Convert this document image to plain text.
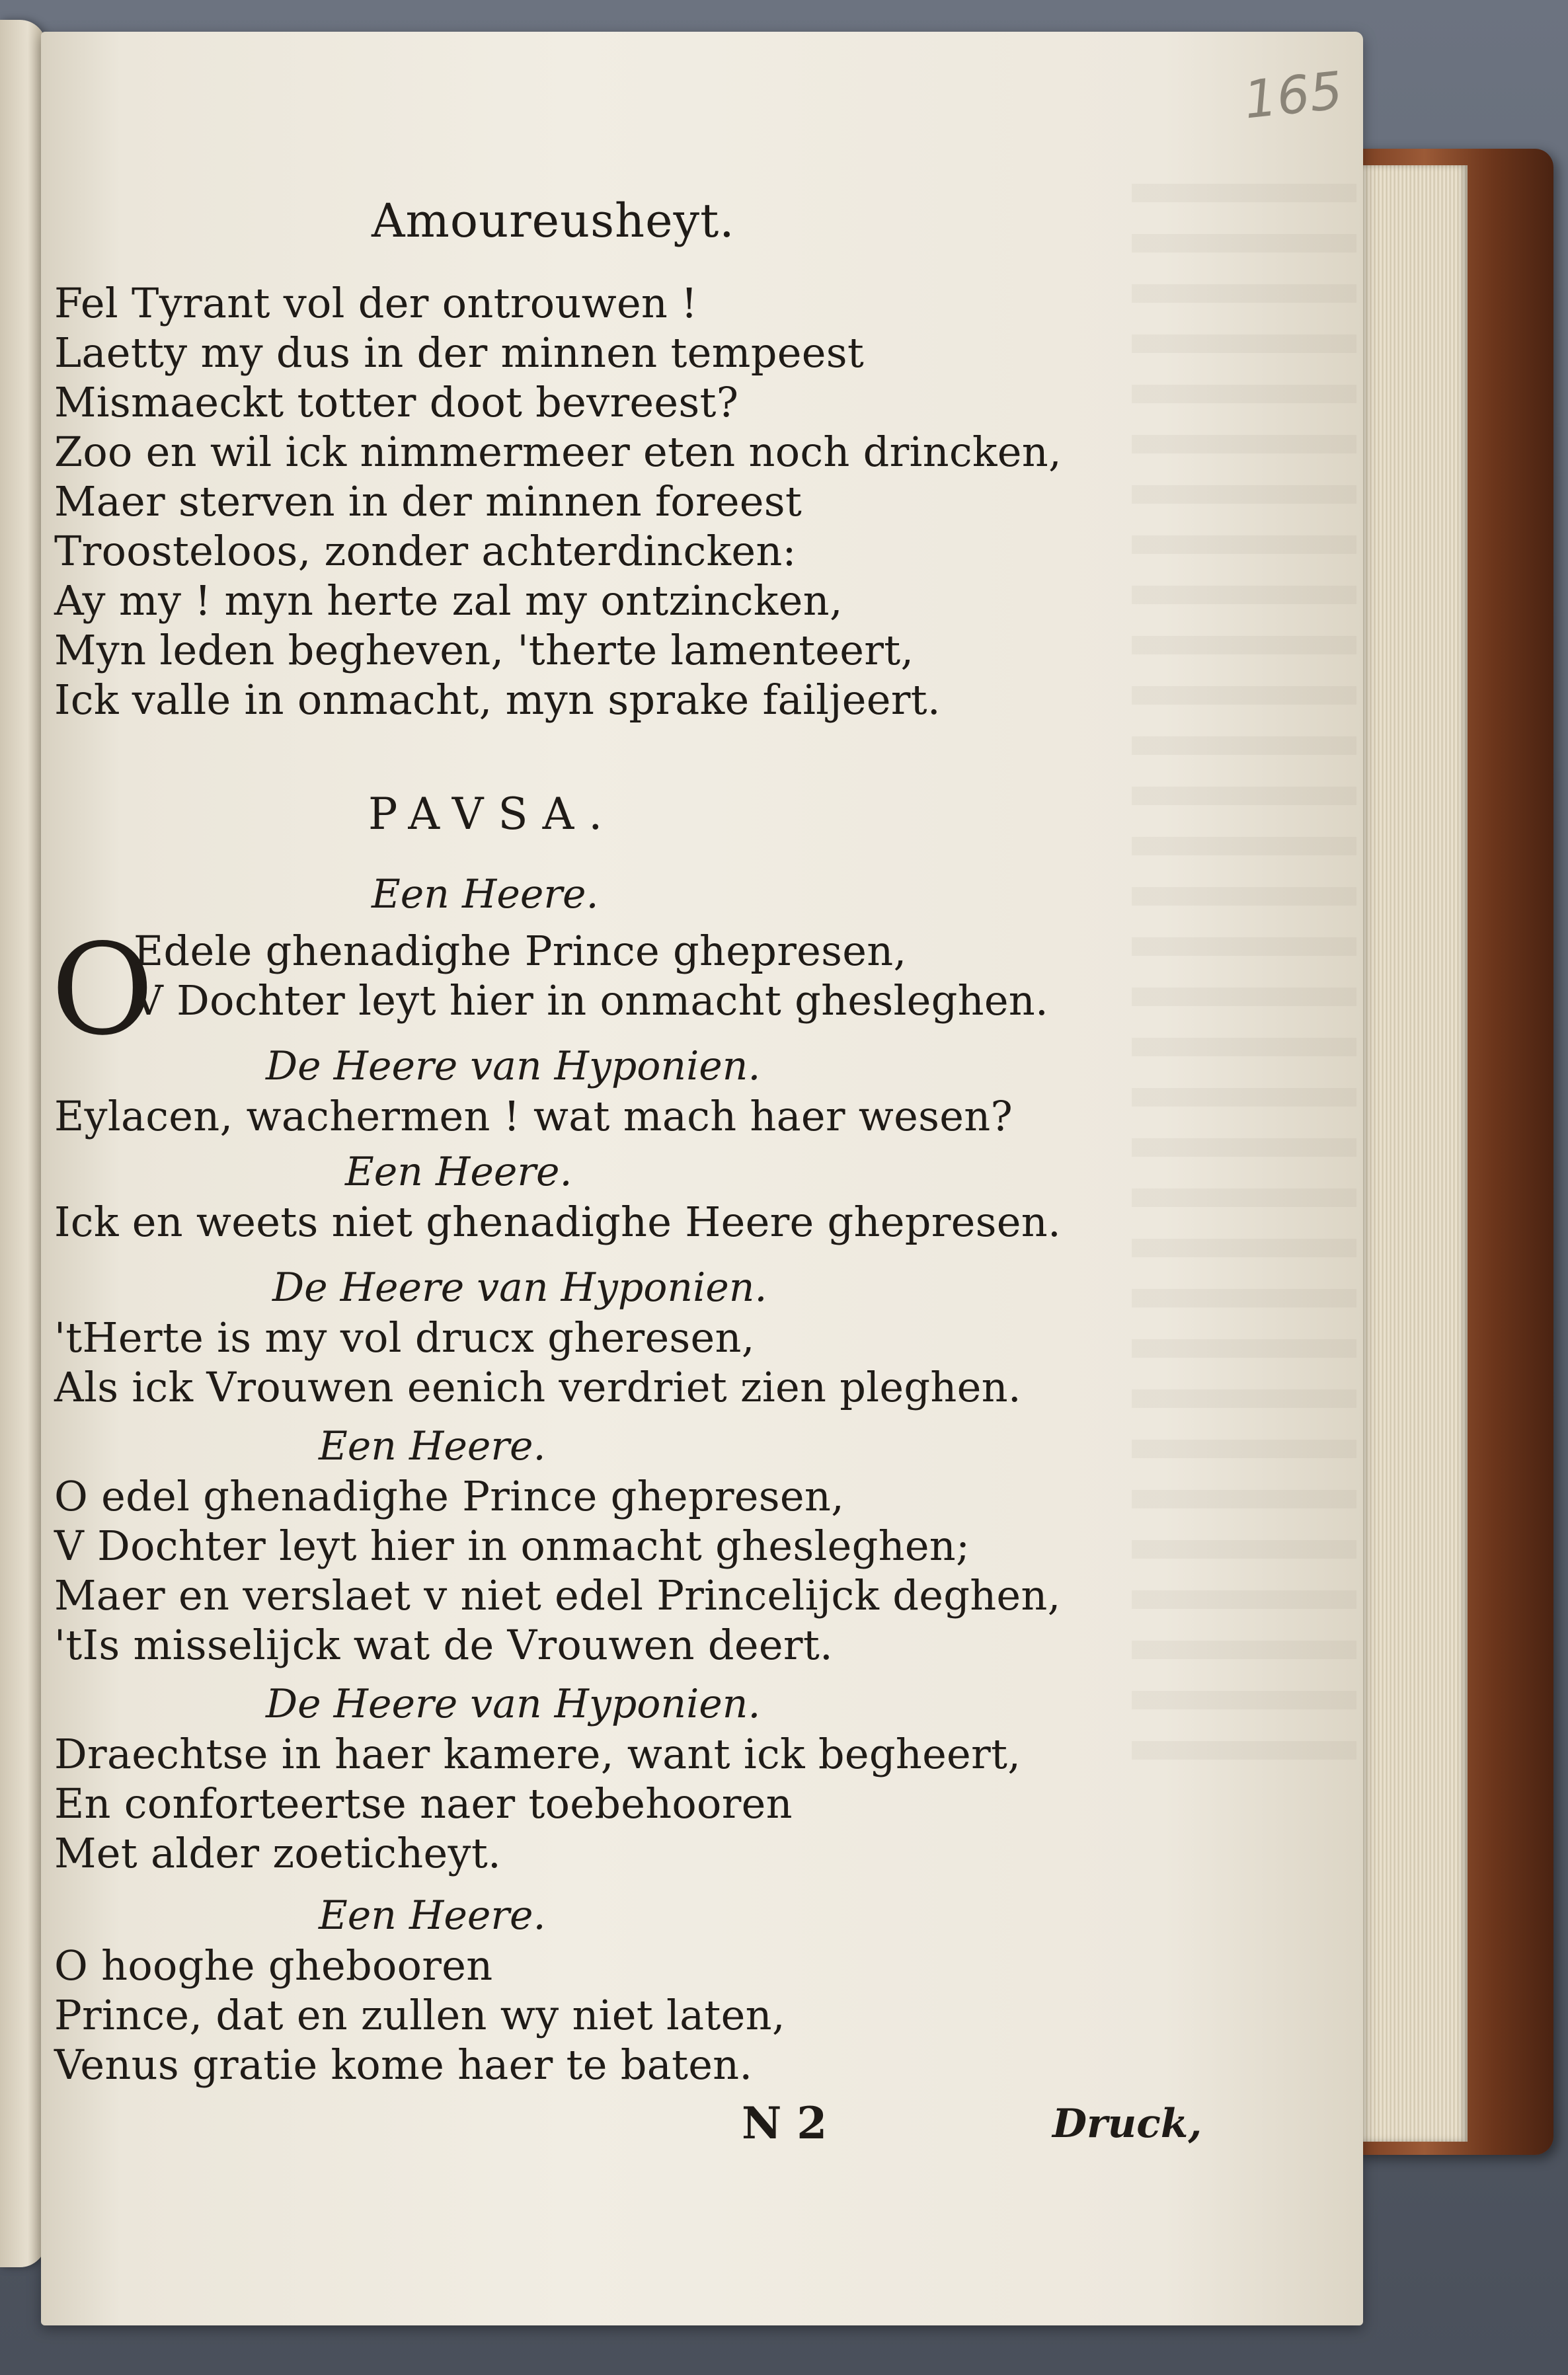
165
Amoureusheyt.
Fel Tyrant vol der ontrouwen !
Laetty my dus in der minnen tempeest
Mismaeckt totter doot bevreest?
Zoo en wil ick nimmermeer eten noch drincken,
Maer sterven in der minnen foreest
Troosteloos, zonder achterdincken:
Ay my ! myn herte zal my ontzincken,
Myn leden begheven, 'therte lamenteert,
Ick valle in onmacht, myn sprake failjeert.
PAVSA.
Een Heere.
O
Edele ghenadighe Prince ghepresen,
V Dochter leyt hier in onmacht ghesleghen.
De Heere van Hyponien.
Eylacen, wachermen ! wat mach haer wesen?
Een Heere.
Ick en weets niet ghenadighe Heere ghepresen.
De Heere van Hyponien.
'tHerte is my vol drucx gheresen,
Als ick Vrouwen eenich verdriet zien pleghen.
Een Heere.
O edel ghenadighe Prince ghepresen,
V Dochter leyt hier in onmacht ghesleghen;
Maer en verslaet v niet edel Princelijck deghen,
'tIs misselijck wat de Vrouwen deert.
De Heere van Hyponien.
Draechtse in haer kamere, want ick begheert,
En conforteertse naer toebehooren
Met alder zoeticheyt.
Een Heere.
O hooghe ghebooren
Prince, dat en zullen wy niet laten,
Venus gratie kome haer te baten.
N 2	Druck,
